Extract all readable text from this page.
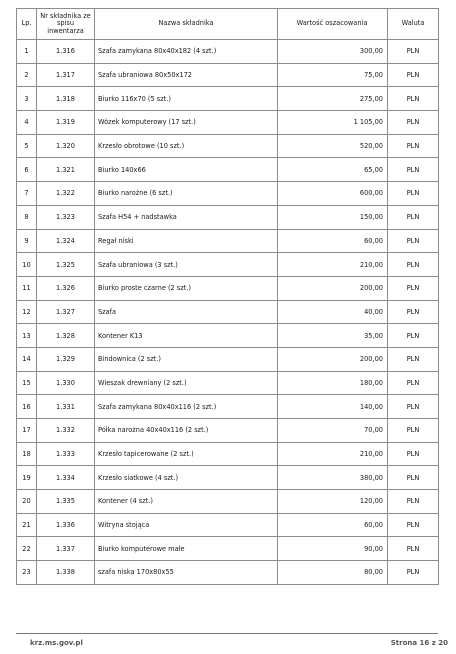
Lp.	Nr składnika ze spisu inwentarza	Nazwa składnika	Wartość oszacowania	Waluta
1	1.316	Szafa zamykana 80x40x182 (4 szt.)	300,00	PLN
2	1.317	Szafa ubraniowa 80x50x172	75,00	PLN
3	1.318	Biurko 116x70 (5 szt.)	275,00	PLN
4	1.319	Wózek komputerowy (17 szt.)	1 105,00	PLN
5	1.320	Krzesło obrotowe (10 szt.)	520,00	PLN
6	1.321	Biurko 140x66	65,00	PLN
7	1.322	Biurko narożne (6 szt.)	600,00	PLN
8	1.323	Szafa H54 + nadstawka	150,00	PLN
9	1.324	Regał niski	60,00	PLN
10	1.325	Szafa ubraniowa (3 szt.)	210,00	PLN
11	1.326	Biurko proste czarne (2 szt.)	200,00	PLN
12	1.327	Szafa	40,00	PLN
13	1.328	Kontener K13	35,00	PLN
14	1.329	Bindownica (2 szt.)	200,00	PLN
15	1.330	Wieszak drewniany (2 szt.)	180,00	PLN
16	1.331	Szafa zamykana 80x40x116 (2 szt.)	140,00	PLN
17	1.332	Półka narożna 40x40x116 (2 szt.)	70,00	PLN
18	1.333	Krzesło tapicerowane (2 szt.)	210,00	PLN
19	1.334	Krzesło siatkowe (4 szt.)	380,00	PLN
20	1.335	Kontener (4 szt.)	120,00	PLN
21	1.336	Witryna stojąca	60,00	PLN
22	1.337	Biurko komputerowe małe	90,00	PLN
23	1.338	szafa niska 170x80x55	80,00	PLN
krz.ms.gov.pl	Strona 16 z 20
